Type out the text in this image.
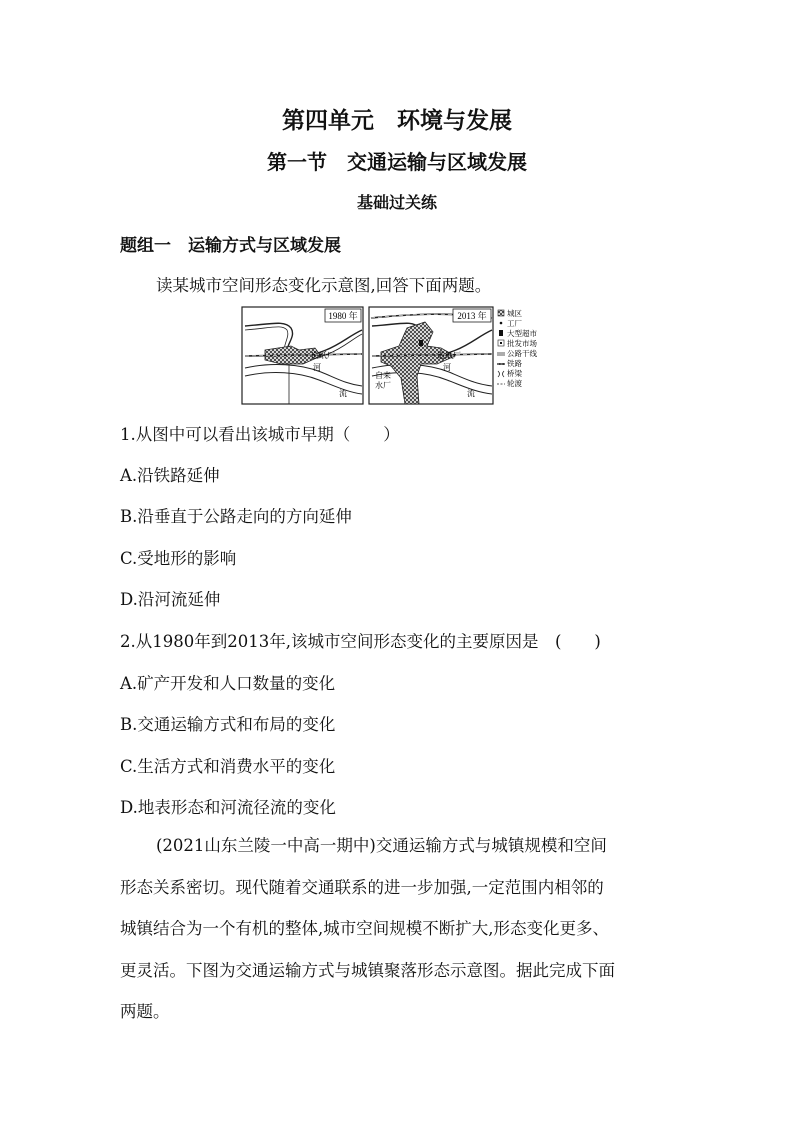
第四单元　环境与发展
第一节　交通运输与区域发展
基础过关练
题组一　运输方式与区域发展
读某城市空间形态变化示意图,回答下面两题。
1980 年
造纸厂
河
流
2013 年
造纸厂
河
流
自来
水厂
城区
工厂
大型超市
批发市场
公路干线
铁路
桥梁
轮渡
1.从图中可以看出该城市早期（　　）
A.沿铁路延伸
B.沿垂直于公路走向的方向延伸
C.受地形的影响
D.沿河流延伸
2.从1980年到2013年,该城市空间形态变化的主要原因是　(　　)
A.矿产开发和人口数量的变化
B.交通运输方式和布局的变化
C.生活方式和消费水平的变化
D.地表形态和河流径流的变化

(2021山东兰陵一中高一期中)交通运输方式与城镇规模和空间

形态关系密切。现代随着交通联系的进一步加强,一定范围内相邻的

城镇结合为一个有机的整体,城市空间规模不断扩大,形态变化更多、

更灵活。下图为交通运输方式与城镇聚落形态示意图。据此完成下面

两题。
